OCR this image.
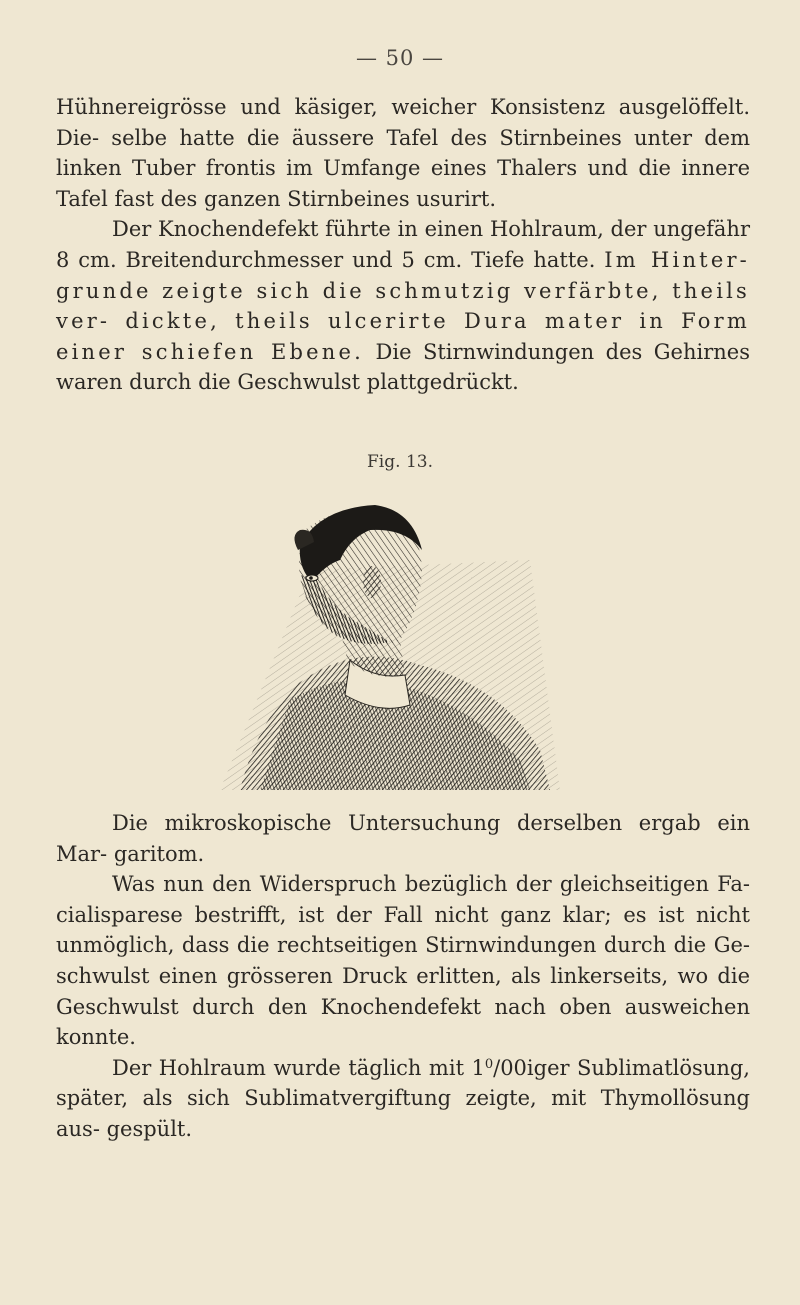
— 50 —

Hühnereigrösse und käsiger, weicher Konsistenz ausgelöffelt. Die- selbe hatte die äussere Tafel des Stirnbeines unter dem linken Tuber frontis im Umfange eines Thalers und die innere Tafel fast des ganzen Stirnbeines usurirt.

Der Knochendefekt führte in einen Hohlraum, der ungefähr 8 cm. Breitendurchmesser und 5 cm. Tiefe hatte. Im Hinter- grunde zeigte sich die schmutzig verfärbte, theils ver- dickte, theils ulcerirte Dura mater in Form einer schiefen Ebene. Die Stirnwindungen des Gehirnes waren durch die Geschwulst plattgedrückt.

Fig. 13.

Die mikroskopische Untersuchung derselben ergab ein Mar- garitom.

Was nun den Widerspruch bezüglich der gleichseitigen Fa- cialisparese bestrifft, ist der Fall nicht ganz klar; es ist nicht unmöglich, dass die rechtseitigen Stirnwindungen durch die Ge- schwulst einen grösseren Druck erlitten, als linkerseits, wo die Geschwulst durch den Knochendefekt nach oben ausweichen konnte.

Der Hohlraum wurde täglich mit $1^0/00iger$ Sublimatlösung, später, als sich Sublimatvergiftung zeigte, mit Thymollösung aus- gespült.
